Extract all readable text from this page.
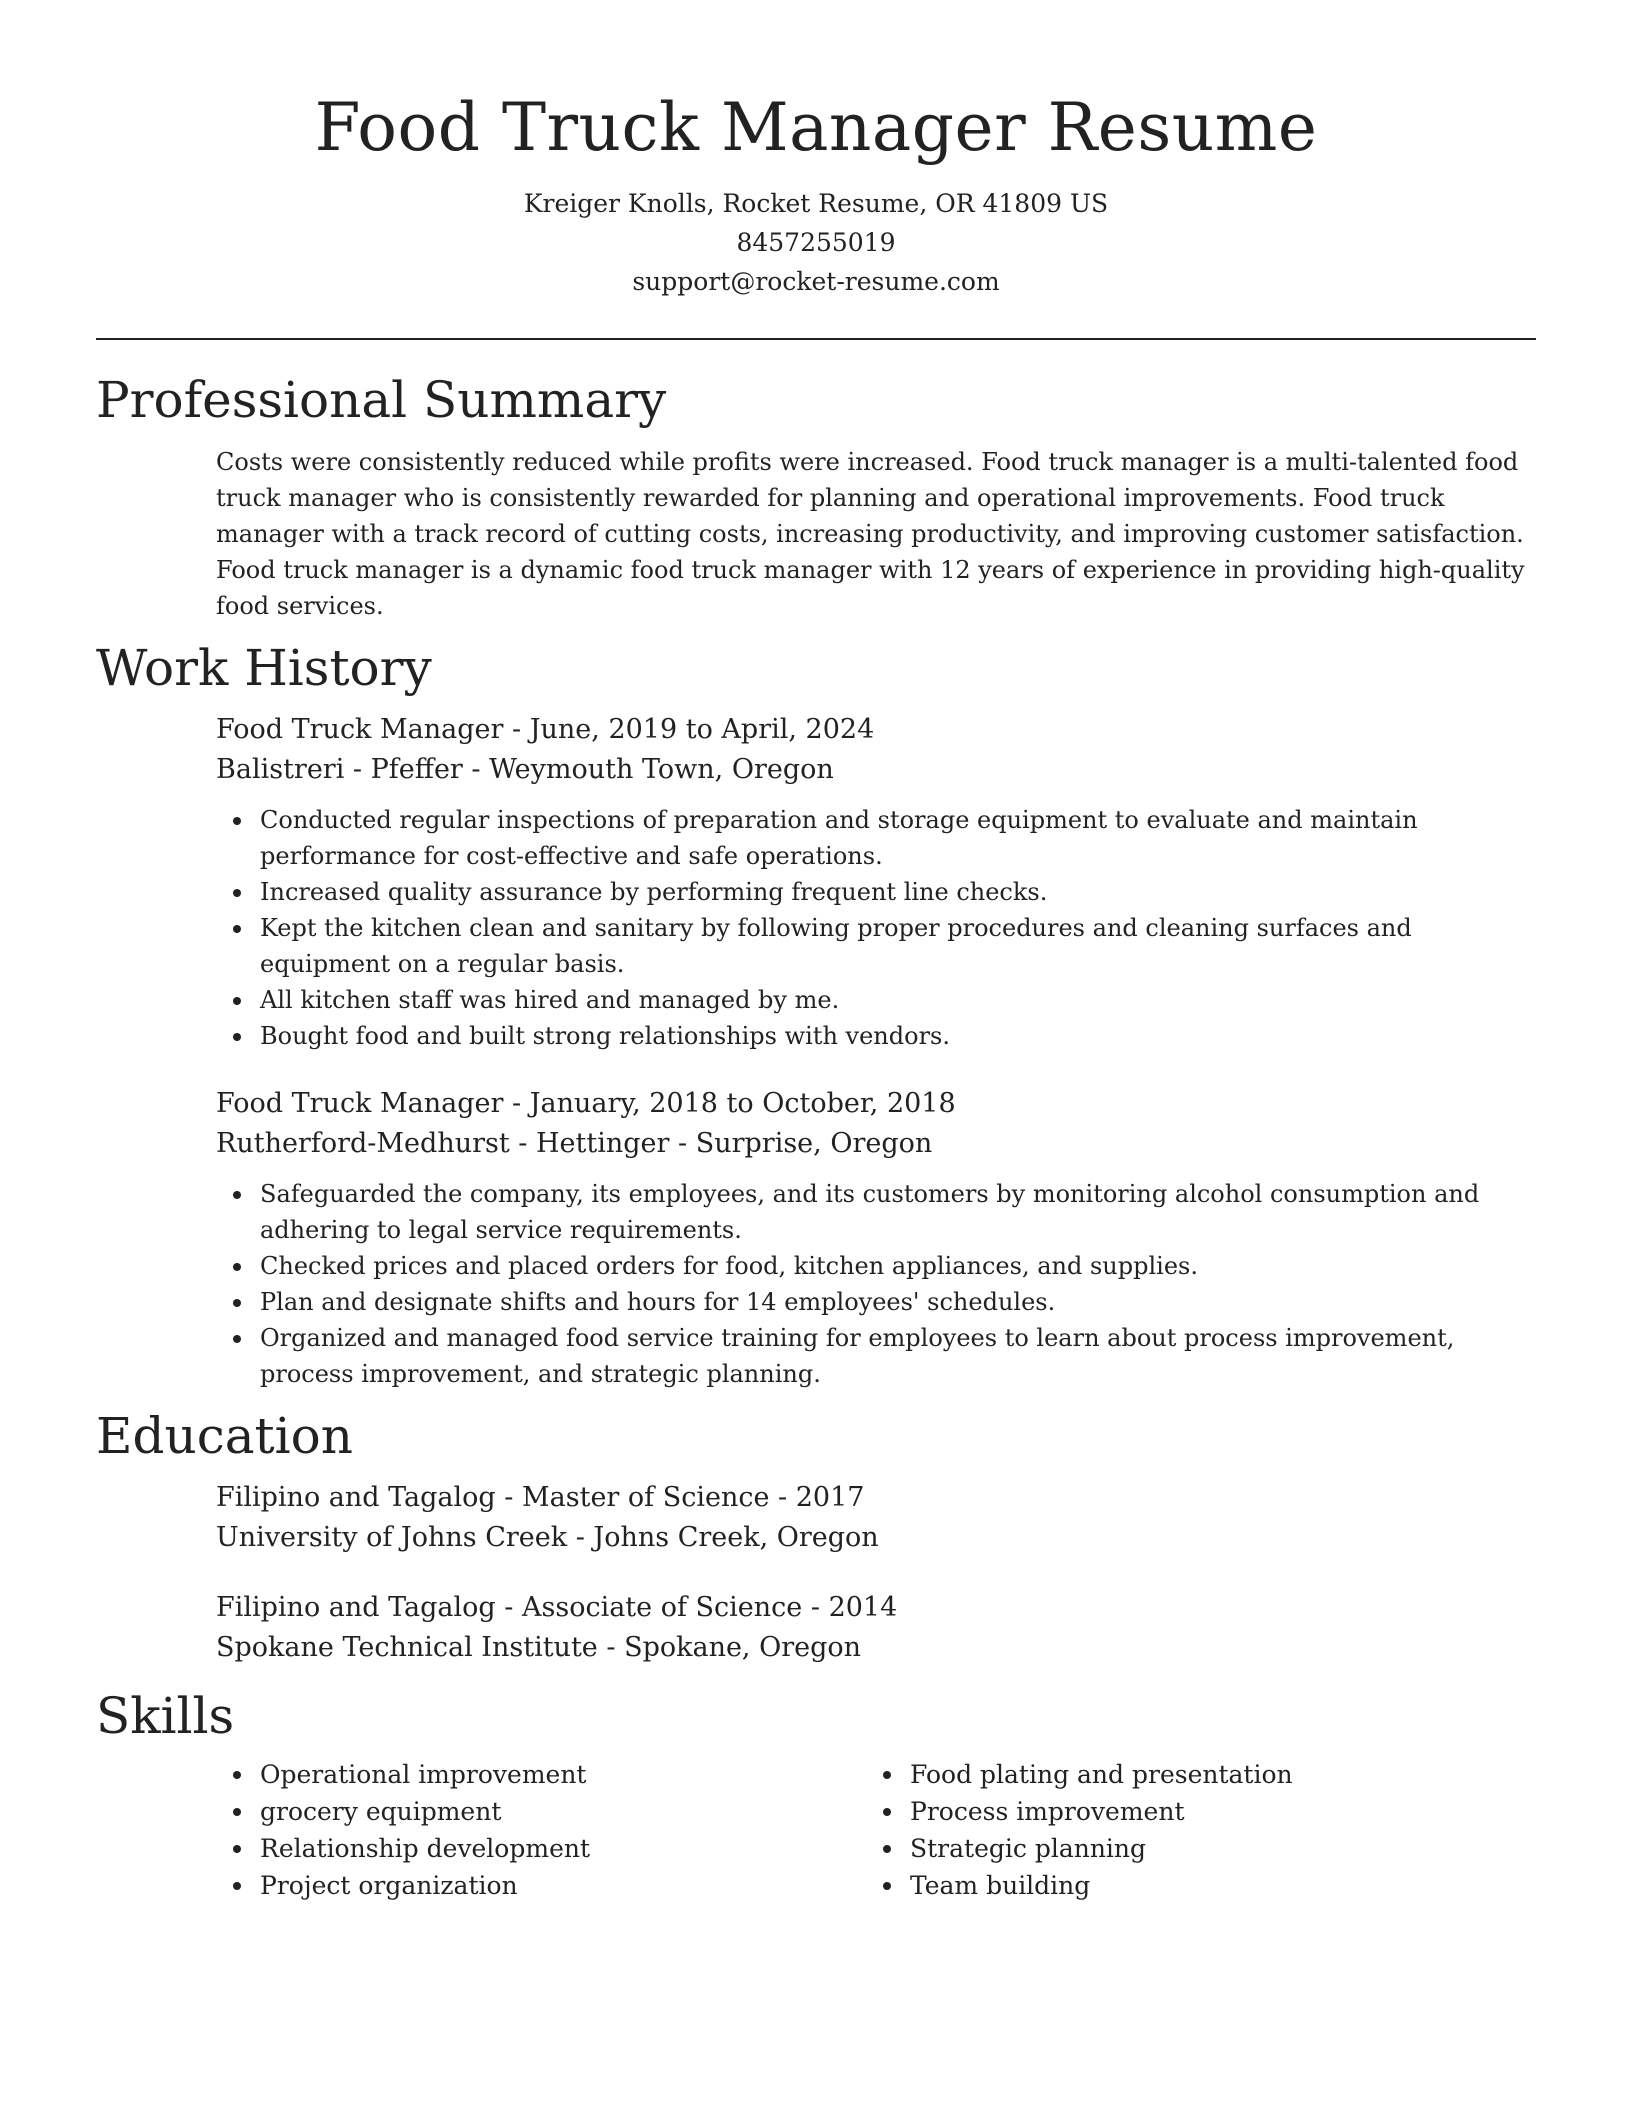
Food Truck Manager Resume
Kreiger Knolls, Rocket Resume, OR 41809 US
8457255019
support@rocket-resume.com
Professional Summary

Costs were consistently reduced while profits were increased. Food truck manager is a multi-talented food truck manager who is consistently rewarded for planning and operational improvements. Food truck manager with a track record of cutting costs, increasing productivity, and improving customer satisfaction. Food truck manager is a dynamic food truck manager with 12 years of experience in providing high-quality food services.

Work History
Food Truck Manager - June, 2019 to April, 2024
Balistreri - Pfeffer - Weymouth Town, Oregon
Conducted regular inspections of preparation and storage equipment to evaluate and maintain performance for cost-effective and safe operations.
Increased quality assurance by performing frequent line checks.
Kept the kitchen clean and sanitary by following proper procedures and cleaning surfaces and equipment on a regular basis.
All kitchen staff was hired and managed by me.
Bought food and built strong relationships with vendors.
Food Truck Manager - January, 2018 to October, 2018
Rutherford-Medhurst - Hettinger - Surprise, Oregon
Safeguarded the company, its employees, and its customers by monitoring alcohol consumption and adhering to legal service requirements.
Checked prices and placed orders for food, kitchen appliances, and supplies.
Plan and designate shifts and hours for 14 employees' schedules.
Organized and managed food service training for employees to learn about process improvement, process improvement, and strategic planning.
Education
Filipino and Tagalog - Master of Science - 2017
University of Johns Creek - Johns Creek, Oregon
Filipino and Tagalog - Associate of Science - 2014
Spokane Technical Institute - Spokane, Oregon
Skills
Operational improvement
grocery equipment
Relationship development
Project organization
Food plating and presentation
Process improvement
Strategic planning
Team building
